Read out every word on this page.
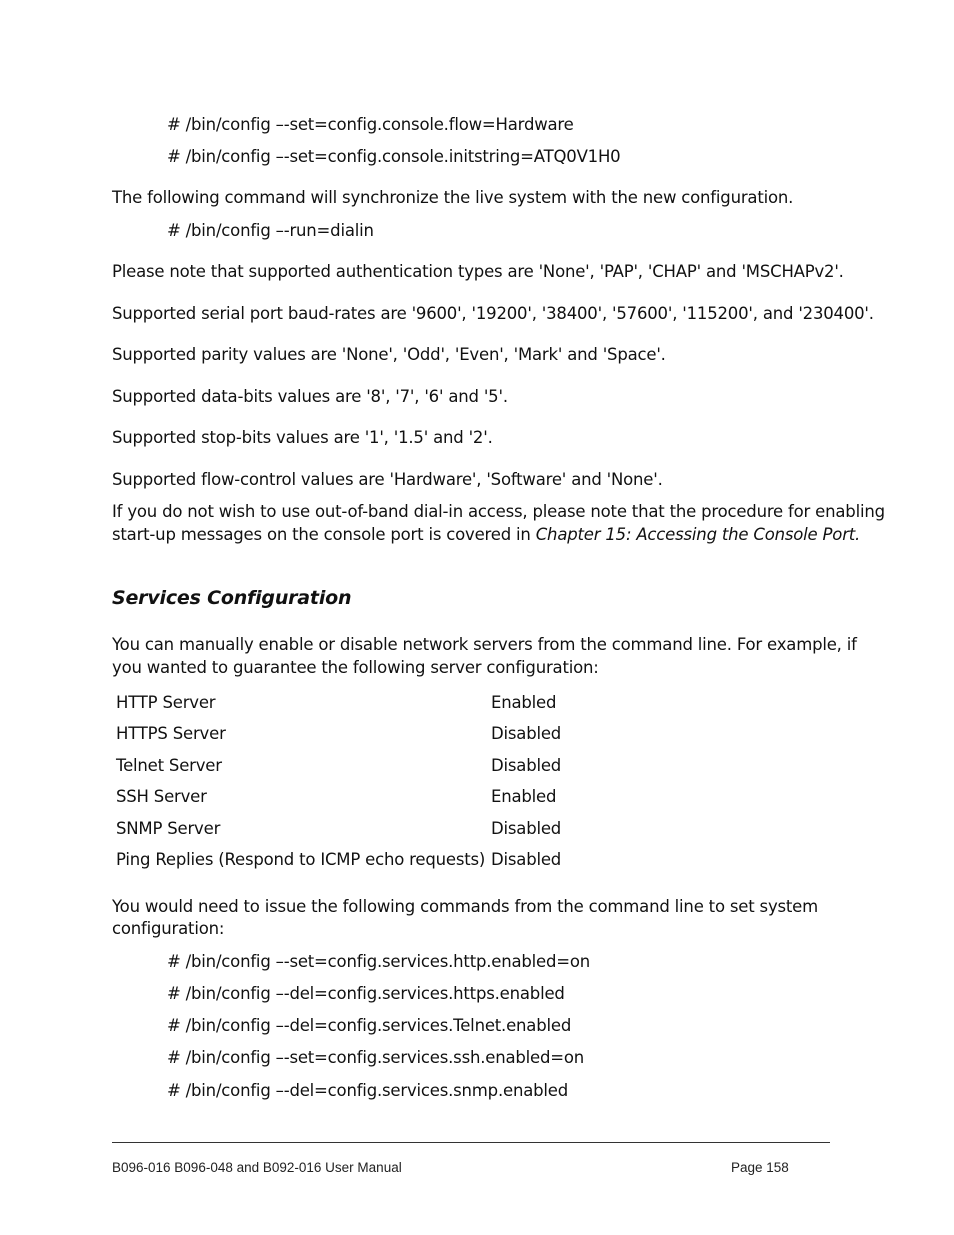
# /bin/config –-set=config.console.flow=Hardware
# /bin/config –-set=config.console.initstring=ATQ0V1H0
The following command will synchronize the live system with the new configuration.
# /bin/config –-run=dialin
Please note that supported authentication types are 'None', 'PAP', 'CHAP' and 'MSCHAPv2'.
Supported serial port baud-rates are '9600', '19200', '38400', '57600', '115200', and '230400'.
Supported parity values are 'None', 'Odd', 'Even', 'Mark' and 'Space'.
Supported data-bits values are '8', '7', '6' and '5'.
Supported stop-bits values are '1', '1.5' and '2'.
Supported flow-control values are 'Hardware', 'Software' and 'None'.
If you do not wish to use out-of-band dial-in access, please note that the procedure for enabling
start-up messages on the console port is covered in Chapter 15: Accessing the Console Port.
Services Configuration
You can manually enable or disable network servers from the command line. For example, if
you wanted to guarantee the following server configuration:
HTTP Server	Enabled
HTTPS Server	Disabled
Telnet Server	Disabled
SSH Server	Enabled
SNMP Server	Disabled
Ping Replies (Respond to ICMP echo requests) Disabled
You would need to issue the following commands from the command line to set system
configuration:
# /bin/config –-set=config.services.http.enabled=on
# /bin/config –-del=config.services.https.enabled
# /bin/config –-del=config.services.Telnet.enabled
# /bin/config –-set=config.services.ssh.enabled=on
# /bin/config –-del=config.services.snmp.enabled
B096-016 B096-048 and B092-016 User Manual	Page 158
